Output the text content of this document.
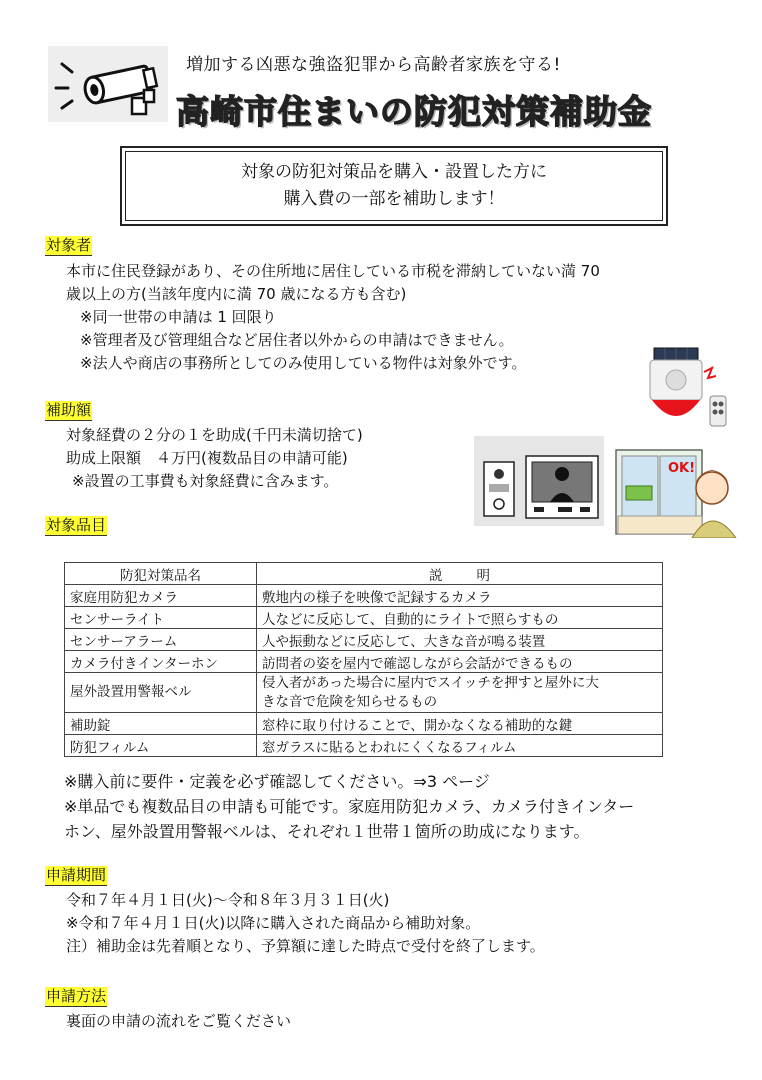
増加する凶悪な強盗犯罪から高齢者家族を守る!
高崎市住まいの防犯対策補助金
対象の防犯対策品を購入・設置した方に
購入費の一部を補助します！
対象者
本市に住民登録があり、その住所地に居住している市税を滞納していない満 70
歳以上の方(当該年度内に満 70 歳になる方も含む)
※同一世帯の申請は 1 回限り
※管理者及び管理組合など居住者以外からの申請はできません。
※法人や商店の事務所としてのみ使用している物件は対象外です。
補助額
対象経費の２分の１を助成(千円未満切捨て)
助成上限額　４万円(複数品目の申請可能)
※設置の工事費も対象経費に含みます。
OK!
対象品目
防犯対策品名	説 明
家庭用防犯カメラ	敷地内の様子を映像で記録するカメラ
センサーライト	人などに反応して、自動的にライトで照らすもの
センサーアラーム	人や振動などに反応して、大きな音が鳴る装置
カメラ付きインターホン	訪問者の姿を屋内で確認しながら会話ができるもの
屋外設置用警報ベル	侵入者があった場合に屋内でスイッチを押すと屋外に大
きな音で危険を知らせるもの

補助錠	窓枠に取り付けることで、開かなくなる補助的な鍵
防犯フィルム	窓ガラスに貼るとわれにくくなるフィルム
※購入前に要件・定義を必ず確認してください。⇒3 ページ
※単品でも複数品目の申請も可能です。家庭用防犯カメラ、カメラ付きインター
ホン、屋外設置用警報ベルは、それぞれ１世帯１箇所の助成になります。
申請期間
令和７年４月１日(火)～令和８年３月３１日(火)
※令和７年４月１日(火)以降に購入された商品から補助対象。
注）補助金は先着順となり、予算額に達した時点で受付を終了します。
申請方法
裏面の申請の流れをご覧ください
